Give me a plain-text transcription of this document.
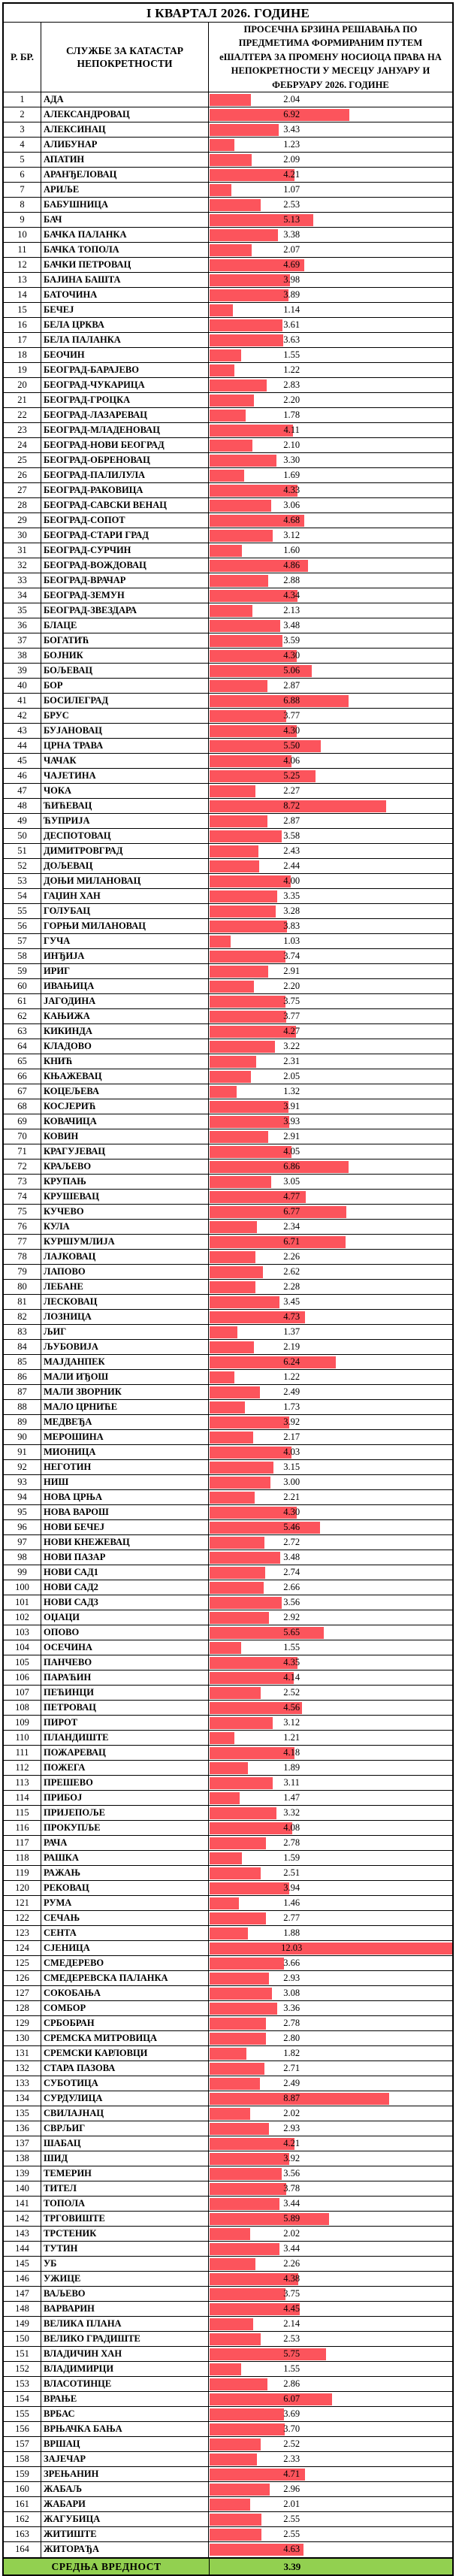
I КВАРТАЛ 2026. ГОДИНЕ
Р. БР.
СЛУЖБЕ ЗА КАТАСТАР НЕПОКРЕТНОСТИ
ПРОСЕЧНА БРЗИНА РЕШАВАЊА ПО ПРЕДМЕТИМА ФОРМИРАНИМ ПУТЕМ еШАЛТЕРА ЗА ПРОМЕНУ НОСИОЦА ПРАВА НА НЕПОКРЕТНОСТИ У МЕСЕЦУ ЈАНУАРУ И ФЕБРУАРУ 2026. ГОДИНЕ
1	АДА	2.04
2	АЛЕКСАНДРОВАЦ	6.92
3	АЛЕКСИНАЦ	3.43
4	АЛИБУНАР	1.23
5	АПАТИН	2.09
6	АРАНЂЕЛОВАЦ	4.21
7	АРИЉЕ	1.07
8	БАБУШНИЦА	2.53
9	БАЧ	5.13
10	БАЧКА ПАЛАНКА	3.38
11	БАЧКА ТОПОЛА	2.07
12	БАЧКИ ПЕТРОВАЦ	4.69
13	БАЈИНА БАШТА	3.98
14	БАТОЧИНА	3.89
15	БЕЧЕЈ	1.14
16	БЕЛА ЦРКВА	3.61
17	БЕЛА ПАЛАНКА	3.63
18	БЕОЧИН	1.55
19	БЕОГРАД-БАРАЈЕВО	1.22
20	БЕОГРАД-ЧУКАРИЦА	2.83
21	БЕОГРАД-ГРОЦКА	2.20
22	БЕОГРАД-ЛАЗАРЕВАЦ	1.78
23	БЕОГРАД-МЛАДЕНОВАЦ	4.11
24	БЕОГРАД-НОВИ БЕОГРАД	2.10
25	БЕОГРАД-ОБРЕНОВАЦ	3.30
26	БЕОГРАД-ПАЛИЛУЛА	1.69
27	БЕОГРАД-РАКОВИЦА	4.33
28	БЕОГРАД-САВСКИ ВЕНАЦ	3.06
29	БЕОГРАД-СОПОТ	4.68
30	БЕОГРАД-СТАРИ ГРАД	3.12
31	БЕОГРАД-СУРЧИН	1.60
32	БЕОГРАД-ВОЖДОВАЦ	4.86
33	БЕОГРАД-ВРАЧАР	2.88
34	БЕОГРАД-ЗЕМУН	4.34
35	БЕОГРАД-ЗВЕЗДАРА	2.13
36	БЛАЦЕ	3.48
37	БОГАТИЋ	3.59
38	БОЈНИК	4.30
39	БОЉЕВАЦ	5.06
40	БОР	2.87
41	БОСИЛЕГРАД	6.88
42	БРУС	3.77
43	БУЈАНОВАЦ	4.30
44	ЦРНА ТРАВА	5.50
45	ЧАЧАК	4.06
46	ЧАЈЕТИНА	5.25
47	ЧОКА	2.27
48	ЋИЋЕВАЦ	8.72
49	ЋУПРИЈА	2.87
50	ДЕСПОТОВАЦ	3.58
51	ДИМИТРОВГРАД	2.43
52	ДОЉЕВАЦ	2.44
53	ДОЊИ МИЛАНОВАЦ	4.00
54	ГАЏИН ХАН	3.35
55	ГОЛУБАЦ	3.28
56	ГОРЊИ МИЛАНОВАЦ	3.83
57	ГУЧА	1.03
58	ИНЂИЈА	3.74
59	ИРИГ	2.91
60	ИВАЊИЦА	2.20
61	ЈАГОДИНА	3.75
62	КАЊИЖА	3.77
63	КИКИНДА	4.27
64	КЛАДОВО	3.22
65	КНИЋ	2.31
66	КЊАЖЕВАЦ	2.05
67	КОЦЕЉЕВА	1.32
68	КОСЈЕРИЋ	3.91
69	КОВАЧИЦА	3.93
70	КОВИН	2.91
71	КРАГУЈЕВАЦ	4.05
72	КРАЉЕВО	6.86
73	КРУПАЊ	3.05
74	КРУШЕВАЦ	4.77
75	КУЧЕВО	6.77
76	КУЛА	2.34
77	КУРШУМЛИЈА	6.71
78	ЛАЈКОВАЦ	2.26
79	ЛАПОВО	2.62
80	ЛЕБАНЕ	2.28
81	ЛЕСКОВАЦ	3.45
82	ЛОЗНИЦА	4.73
83	ЉИГ	1.37
84	ЉУБОВИЈА	2.19
85	МАЈДАНПЕК	6.24
86	МАЛИ ИЂОШ	1.22
87	МАЛИ ЗВОРНИК	2.49
88	МАЛО ЦРНИЋЕ	1.73
89	МЕДВЕЂА	3.92
90	МЕРОШИНА	2.17
91	МИОНИЦА	4.03
92	НЕГОТИН	3.15
93	НИШ	3.00
94	НОВА ЦРЊА	2.21
95	НОВА ВАРОШ	4.30
96	НОВИ БЕЧЕЈ	5.46
97	НОВИ КНЕЖЕВАЦ	2.72
98	НОВИ ПАЗАР	3.48
99	НОВИ САД1	2.74
100	НОВИ САД2	2.66
101	НОВИ САД3	3.56
102	ОЏАЦИ	2.92
103	ОПОВО	5.65
104	ОСЕЧИНА	1.55
105	ПАНЧЕВО	4.35
106	ПАРАЋИН	4.14
107	ПЕЋИНЦИ	2.52
108	ПЕТРОВАЦ	4.56
109	ПИРОТ	3.12
110	ПЛАНДИШТЕ	1.21
111	ПОЖАРЕВАЦ	4.18
112	ПОЖЕГА	1.89
113	ПРЕШЕВО	3.11
114	ПРИБОЈ	1.47
115	ПРИЈЕПОЉЕ	3.32
116	ПРОКУПЉЕ	4.08
117	РАЧА	2.78
118	РАШКА	1.59
119	РАЖАЊ	2.51
120	РЕКОВАЦ	3.94
121	РУМА	1.46
122	СЕЧАЊ	2.77
123	СЕНТА	1.88
124	СЈЕНИЦА	12.03
125	СМЕДЕРЕВО	3.66
126	СМЕДЕРЕВСКА ПАЛАНКА	2.93
127	СОКОБАЊА	3.08
128	СОМБОР	3.36
129	СРБОБРАН	2.78
130	СРЕМСКА МИТРОВИЦА	2.80
131	СРЕМСКИ КАРЛОВЦИ	1.82
132	СТАРА ПАЗОВА	2.71
133	СУБОТИЦА	2.49
134	СУРДУЛИЦА	8.87
135	СВИЛАЈНАЦ	2.02
136	СВРЉИГ	2.93
137	ШАБАЦ	4.21
138	ШИД	3.92
139	ТЕМЕРИН	3.56
140	ТИТЕЛ	3.78
141	ТОПОЛА	3.44
142	ТРГОВИШТЕ	5.89
143	ТРСТЕНИК	2.02
144	ТУТИН	3.44
145	УБ	2.26
146	УЖИЦЕ	4.38
147	ВАЉЕВО	3.75
148	ВАРВАРИН	4.45
149	ВЕЛИКА ПЛАНА	2.14
150	ВЕЛИКО ГРАДИШТЕ	2.53
151	ВЛАДИЧИН ХАН	5.75
152	ВЛАДИМИРЦИ	1.55
153	ВЛАСОТИНЦЕ	2.86
154	ВРАЊЕ	6.07
155	ВРБАС	3.69
156	ВРЊАЧКА БАЊА	3.70
157	ВРШАЦ	2.52
158	ЗАЈЕЧАР	2.33
159	ЗРЕЊАНИН	4.71
160	ЖАБАЉ	2.96
161	ЖАБАРИ	2.01
162	ЖАГУБИЦА	2.55
163	ЖИТИШТЕ	2.55
164	ЖИТОРАЂА	4.63
СРЕДЊА ВРЕДНОСТ	3.39
